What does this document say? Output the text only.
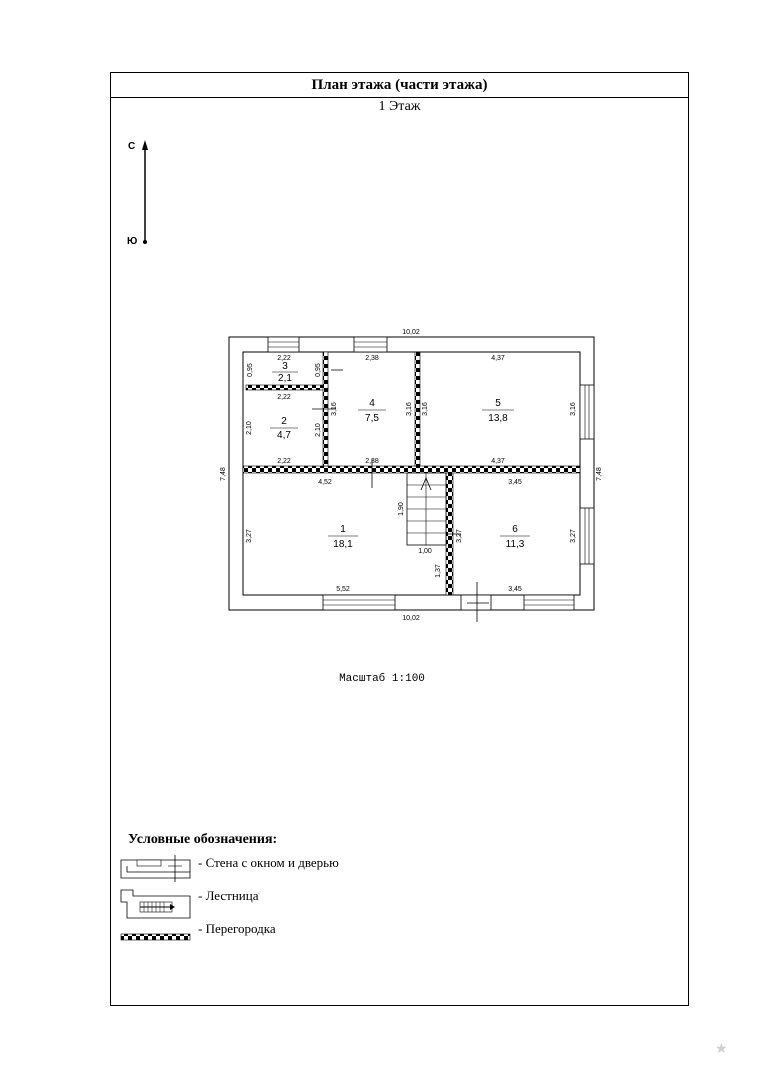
План этажа (части этажа)
1 Этаж
С
Ю
3
2,1
2
4,7
4
7,5
5
13,8
1
18,1
6
11,3
10,02
10,02
7,48	7,48
2,22
0,95	0,95
2,22
2,22
2,10	2,10
2,38
2,38
3,16	3,16
4,37
4,37
3,16	3,16
4,52
3,27
5,52
1,90
1,00
3,45
3,45
3,27	3,27
1,37
Масштаб 1:100
Условные обозначения:
- Стена с окном и дверью
- Лестница
- Перегородка
★
